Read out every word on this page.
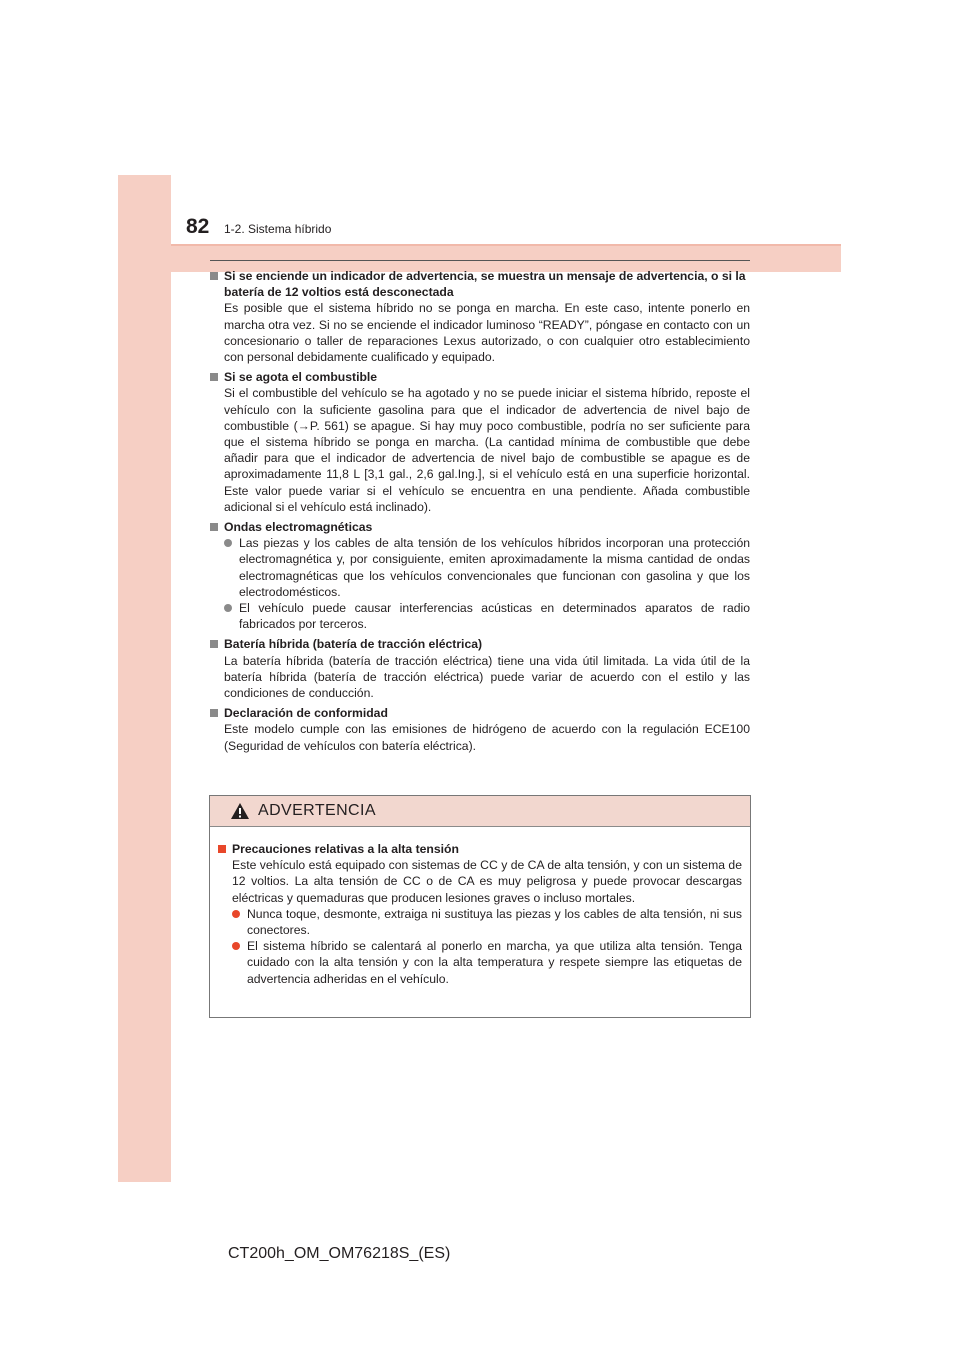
82 1-2. Sistema híbrido
Si se enciende un indicador de advertencia, se muestra un mensaje de advertencia, o si la batería de 12 voltios está desconectada
Es posible que el sistema híbrido no se ponga en marcha. En este caso, intente ponerlo en marcha otra vez. Si no se enciende el indicador luminoso “READY”, póngase en contacto con un concesionario o taller de reparaciones Lexus autorizado, o con cualquier otro establecimiento con personal debidamente cualificado y equipado.
Si se agota el combustible
Si el combustible del vehículo se ha agotado y no se puede iniciar el sistema híbrido, reposte el vehículo con la suficiente gasolina para que el indicador de advertencia de nivel bajo de combustible (→P. 561) se apague. Si hay muy poco combustible, podría no ser suficiente para que el sistema híbrido se ponga en marcha. (La cantidad mínima de combustible que debe añadir para que el indicador de advertencia de nivel bajo de combustible se apague es de aproximadamente 11,8 L [3,1 gal., 2,6 gal.Ing.], si el vehículo está en una superficie horizontal. Este valor puede variar si el vehículo se encuentra en una pendiente. Añada combustible adicional si el vehículo está inclinado).
Ondas electromagnéticas
Las piezas y los cables de alta tensión de los vehículos híbridos incorporan una protección electromagnética y, por consiguiente, emiten aproximadamente la misma cantidad de ondas electromagnéticas que los vehículos convencionales que funcionan con gasolina y que los electrodomésticos.
El vehículo puede causar interferencias acústicas en determinados aparatos de radio fabricados por terceros.
Batería híbrida (batería de tracción eléctrica)
La batería híbrida (batería de tracción eléctrica) tiene una vida útil limitada. La vida útil de la batería híbrida (batería de tracción eléctrica) puede variar de acuerdo con el estilo y las condiciones de conducción.
Declaración de conformidad
Este modelo cumple con las emisiones de hidrógeno de acuerdo con la regulación ECE100 (Seguridad de vehículos con batería eléctrica).
ADVERTENCIA
Precauciones relativas a la alta tensión
Este vehículo está equipado con sistemas de CC y de CA de alta tensión, y con un sistema de 12 voltios. La alta tensión de CC o de CA es muy peligrosa y puede provocar descargas eléctricas y quemaduras que producen lesiones graves o incluso mortales.
Nunca toque, desmonte, extraiga ni sustituya las piezas y los cables de alta tensión, ni sus conectores.
El sistema híbrido se calentará al ponerlo en marcha, ya que utiliza alta tensión. Tenga cuidado con la alta tensión y con la alta temperatura y respete siempre las etiquetas de advertencia adheridas en el vehículo.
CT200h_OM_OM76218S_(ES)
